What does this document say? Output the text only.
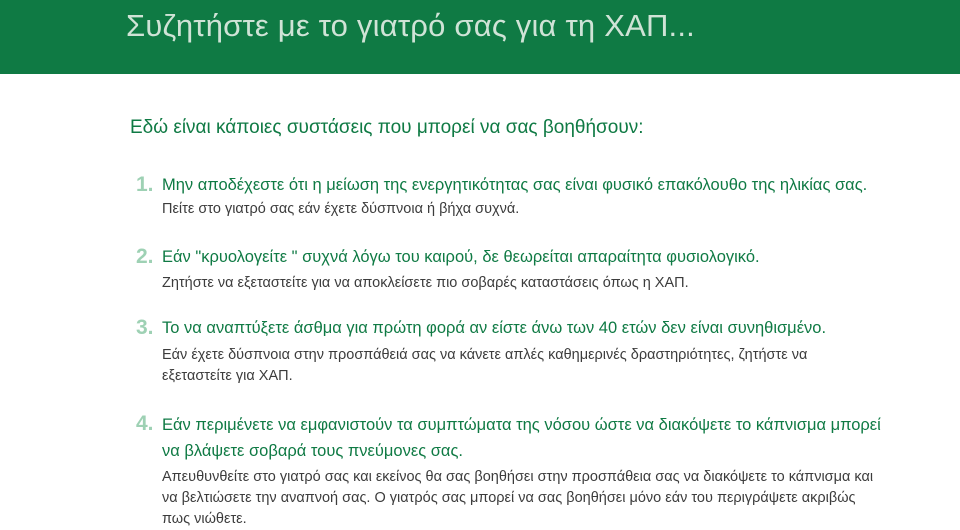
Συζητήστε με το γιατρό σας για τη ΧΑΠ...
Εδώ είναι κάποιες συστάσεις που μπορεί να σας βοηθήσουν:
1. Μην αποδέχεστε ότι η μείωση της ενεργητικότητας σας είναι φυσικό επακόλουθο της ηλικίας σας.
Πείτε στο γιατρό σας εάν έχετε δύσπνοια ή βήχα συχνά.
2. Εάν "κρυολογείτε " συχνά λόγω του καιρού, δε θεωρείται απαραίτητα φυσιολογικό.
Ζητήστε να εξεταστείτε για να αποκλείσετε πιο σοβαρές καταστάσεις όπως η ΧΑΠ.
3. Το να αναπτύξετε άσθμα για πρώτη φορά αν είστε άνω των 40 ετών δεν είναι συνηθισμένο.
Εάν έχετε δύσπνοια στην προσπάθειά σας να κάνετε απλές καθημερινές δραστηριότητες, ζητήστε να εξεταστείτε για ΧΑΠ.
4. Εάν περιμένετε να εμφανιστούν τα συμπτώματα της νόσου ώστε να διακόψετε το κάπνισμα μπορεί να βλάψετε σοβαρά τους πνεύμονες σας.
Απευθυνθείτε στο γιατρό σας και εκείνος θα σας βοηθήσει στην προσπάθεια σας να διακόψετε το κάπνισμα και να βελτιώσετε την αναπνοή σας. Ο γιατρός σας μπορεί να σας βοηθήσει μόνο εάν του περιγράψετε ακριβώς πως νιώθετε.
